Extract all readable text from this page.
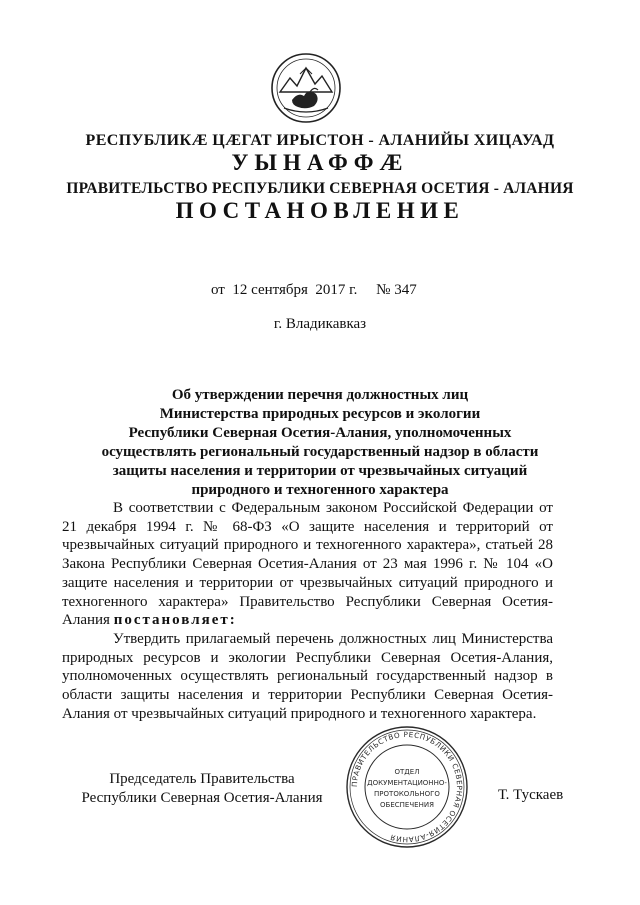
РЕСПУБЛИКӔ ЦӔГАТ ИРЫСТОН - АЛАНИЙЫ ХИЦАУАД
УЫНАФФӔ
ПРАВИТЕЛЬСТВО РЕСПУБЛИКИ СЕВЕРНАЯ ОСЕТИЯ - АЛАНИЯ
ПОСТАНОВЛЕНИЕ
от  12 сентября  2017 г.     № 347
г. Владикавказ
Об утверждении перечня должностных лиц
Министерства природных ресурсов и экологии
Республики Северная Осетия-Алания, уполномоченных
осуществлять региональный государственный надзор в области
защиты населения и территории от чрезвычайных ситуаций
природного и техногенного характера

В соответствии с Федеральным законом Российской Федерации от 21 декабря 1994 г. № 68-ФЗ «О защите населения и территорий от чрезвычайных ситуаций природного и техногенного характера», статьей 28 Закона Республики Северная Осетия-Алания от 23 мая 1996 г. № 104 «О защите населения и территории от чрезвычайных ситуаций природного и техногенного характера» Правительство Республики Северная Осетия-Алания постановляет:

Утвердить прилагаемый перечень должностных лиц Министерства природных ресурсов и экологии Республики Северная Осетия-Алания, уполномоченных осуществлять региональный государственный надзор в области защиты населения и территории Республики Северная Осетия-Алания от чрезвычайных ситуаций природного и техногенного характера.

Председатель Правительства
Республики Северная Осетия-Алания
ПРАВИТЕЛЬСТВО РЕСПУБЛИКИ СЕВЕРНАЯ ОСЕТИЯ-АЛАНИЯ
ОТДЕЛ
ДОКУМЕНТАЦИОННО-
ПРОТОКОЛЬНОГО
ОБЕСПЕЧЕНИЯ
Т. Тускаев
